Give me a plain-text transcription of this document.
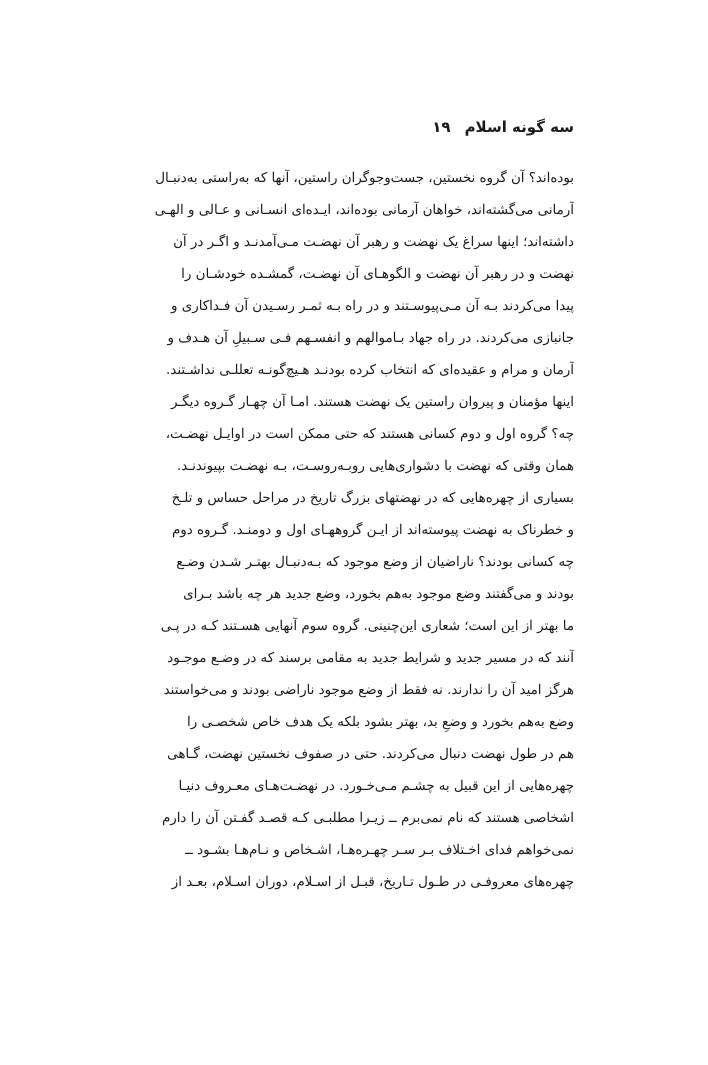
سه گونه اسلام
۱۹
بوده‌اند؟ آن گروه نخستین، جست‌وجوگران راستین، آنها که به‌راستی به‌دنبـال
آرمانی می‌گشته‌اند، خواهان آرمانی بوده‌اند، ایـده‌ای انسـانی و عـالی و الهـی
داشته‌اند؛ اینها سراغ یک نهضت و رهبر آن نهضـت مـی‌آمدنـد و اگـر در آن
نهضت و در رهبر آن نهضت و الگوهـای آن نهضـت، گمشـده خودشـان را
پیدا می‌کردند بـه آن مـی‌پیوسـتند و در راه بـه ثمـر رسـیدن آن فـداکاری و
جانبازی می‌کردند. در راه جهاد بـاموالهم و انفسـهم فـی سـبیلِ آن هـدف و
آرمان و مرام و عقیده‌ای که انتخاب کرده بودنـد هـیچ‌گونـه تعللـی نداشـتند.
اینها مؤمنان و پیروان راستین یک نهضت هستند. امـا آن چهـار گـروه دیگـر
چه؟ گروه اول و دوم کسانی هستند که حتی ممکن است در اوایـل نهضـت،
همان وقتی که نهضت با دشواری‌هایی روبـه‌روسـت، بـه نهضـت بپیوندنـد.
بسیاری از چهره‌هایی که در نهضتهای بزرگ تاریخ در مراحل حساس و تلـخ
و خطرناک به نهضت پیوسته‌اند از ایـن گروههـای اول و دومنـد. گـروه دوم
چه کسانی بودند؟ ناراضیان از وضع موجود که بـه‌دنبـال بهتـر شـدن وضـع
بودند و می‌گفتند وضع موجود به‌هم بخورد، وضع جدید هر چه باشد بـرای
ما بهتر از این است؛ شعاری این‌چنینی. گروه سوم آنهایی هسـتند کـه در پـی
آنند که در مسیر جدید و شرایط جدید به مقامی برسند که در وضـع موجـود
هرگز امید آن را ندارند. نه فقط از وضع موجود ناراضی بودند و می‌خواستند
وضع به‌هم بخورد و وضعِ بد، بهتر بشود بلکه یک هدف خاص شخصـی را
هم در طول نهضت دنبال می‌کردند. حتی در صفوف نخستین نهضت، گـاهی
چهره‌هایی از این قبیل به چشـم مـی‌خـورد. در نهضـت‌هـای معـروف دنیـا
اشخاصی هستند که نام نمی‌برم ــ زیـرا مطلبـی کـه قصـد گفـتن آن را دارم
نمی‌خواهم فدای اخـتلاف بـر سـر چهـره‌هـا، اشـخاص و نـام‌هـا بشـود ــ
چهره‌های معروفـی در طـول تـاریخ، قبـل از اسـلام، دوران اسـلام، بعـد از
